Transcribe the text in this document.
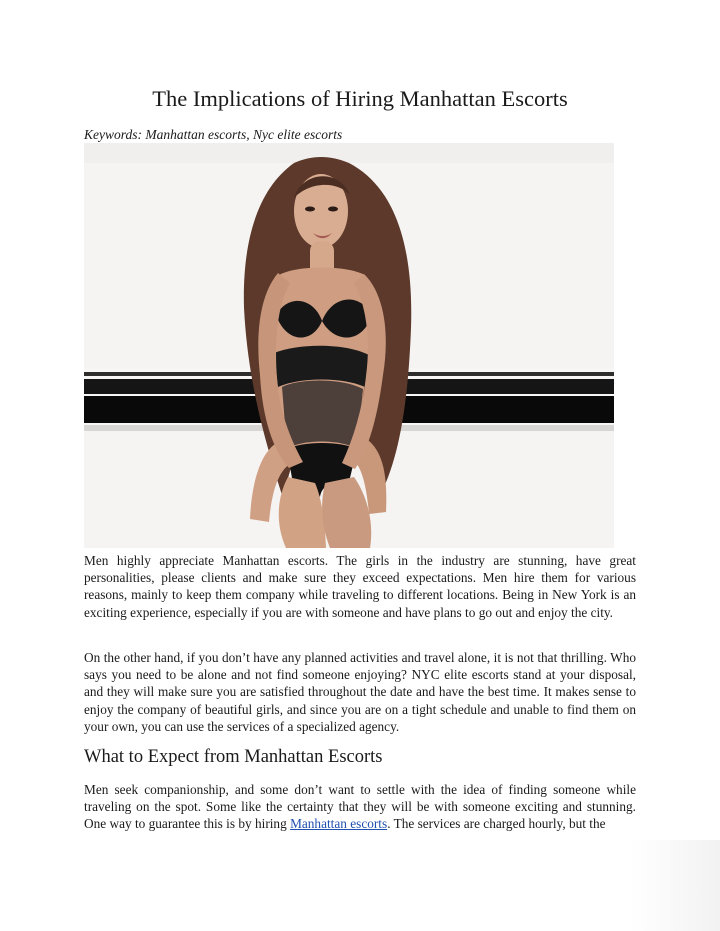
The Implications of Hiring Manhattan Escorts
Keywords: Manhattan escorts, Nyc elite escorts
Men highly appreciate Manhattan escorts. The girls in the industry are stunning, have great personalities, please clients and make sure they exceed expectations. Men hire them for various reasons, mainly to keep them company while traveling to different locations. Being in New York is an exciting experience, especially if you are with someone and have plans to go out and enjoy the city.
On the other hand, if you don’t have any planned activities and travel alone, it is not that thrilling. Who says you need to be alone and not find someone enjoying? NYC elite escorts stand at your disposal, and they will make sure you are satisfied throughout the date and have the best time. It makes sense to enjoy the company of beautiful girls, and since you are on a tight schedule and unable to find them on your own, you can use the services of a specialized agency.
What to Expect from Manhattan Escorts
Men seek companionship, and some don’t want to settle with the idea of finding someone while traveling on the spot. Some like the certainty that they will be with someone exciting and stunning. One way to guarantee this is by hiring Manhattan escorts. The services are charged hourly, but the
